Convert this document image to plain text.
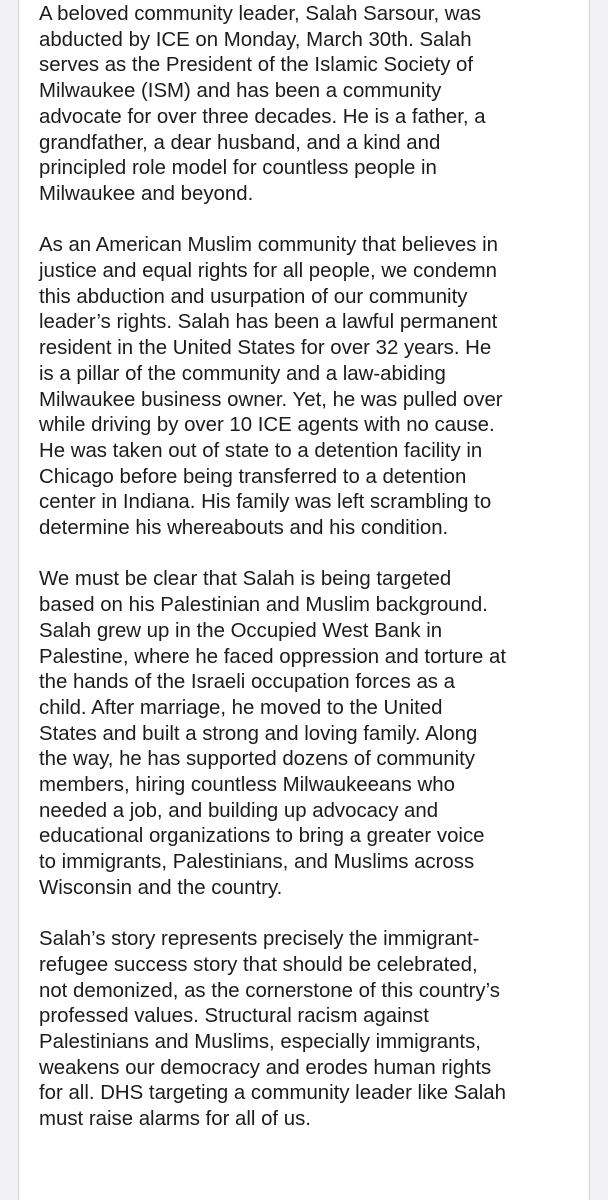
A beloved community leader, Salah Sarsour, was
abducted by ICE on Monday, March 30th. Salah
serves as the President of the Islamic Society of
Milwaukee (ISM) and has been a community
advocate for over three decades. He is a father, a
grandfather, a dear husband, and a kind and
principled role model for countless people in
Milwaukee and beyond.

As an American Muslim community that believes in
justice and equal rights for all people, we condemn
this abduction and usurpation of our community
leader’s rights. Salah has been a lawful permanent
resident in the United States for over 32 years. He
is a pillar of the community and a law-abiding
Milwaukee business owner. Yet, he was pulled over
while driving by over 10 ICE agents with no cause.
He was taken out of state to a detention facility in
Chicago before being transferred to a detention
center in Indiana. His family was left scrambling to
determine his whereabouts and his condition.

We must be clear that Salah is being targeted
based on his Palestinian and Muslim background.
Salah grew up in the Occupied West Bank in
Palestine, where he faced oppression and torture at
the hands of the Israeli occupation forces as a
child. After marriage, he moved to the United
States and built a strong and loving family. Along
the way, he has supported dozens of community
members, hiring countless Milwaukeeans who
needed a job, and building up advocacy and
educational organizations to bring a greater voice
to immigrants, Palestinians, and Muslims across
Wisconsin and the country.

Salah’s story represents precisely the immigrant-
refugee success story that should be celebrated,
not demonized, as the cornerstone of this country’s
professed values. Structural racism against
Palestinians and Muslims, especially immigrants,
weakens our democracy and erodes human rights
for all. DHS targeting a community leader like Salah
must raise alarms for all of us.
